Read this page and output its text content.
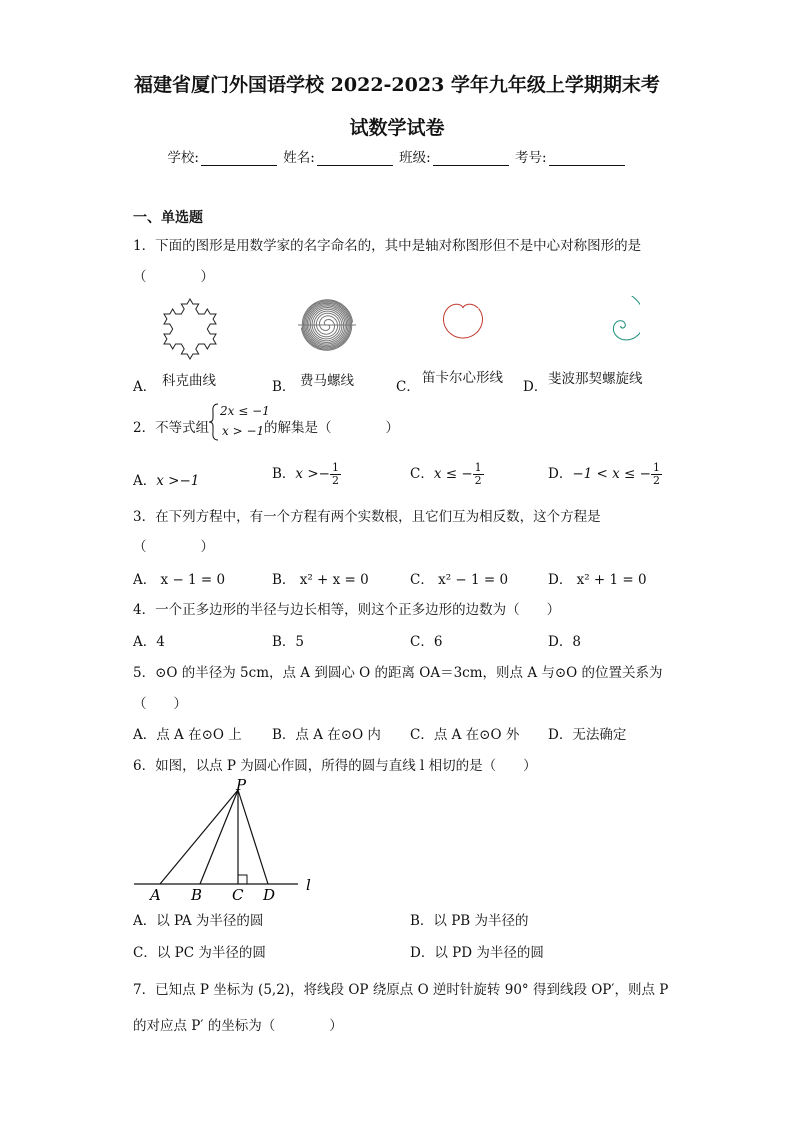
福建省厦门外国语学校 2022-2023 学年九年级上学期期末考
试数学试卷
学校:	姓名:	班级:	考号:
一、单选题
1．下面的图形是用数学家的名字命名的，其中是轴对称图形但不是中心对称图形的是
（　　　　）
A． 科克曲线	B． 费马螺线	C．
笛卡尔心形线
D． 斐波那契螺旋线
2．不等式组
2x ≤ −1
x > −1 的解集是（　　　　）
A．x >−1	B．$x >- \frac{1}{2}$	C．x ≤ − $\frac{1}{2}$	D．−1 < x ≤ − $\frac{1}{2}$
3．在下列方程中，有一个方程有两个实数根，且它们互为相反数，这个方程是
（　　　　）
A． x − 1 = 0	B． x² + x = 0	C． x² − 1 = 0	D． x² + 1 = 0
4．一个正多边形的半径与边长相等，则这个正多边形的边数为（　　）
A．4	B．5	C．6	D．8
5．⊙O 的半径为 5cm，点 A 到圆心 O 的距离 OA＝3cm，则点 A 与⊙O 的位置关系为
（　　）
A．点 A 在⊙O 上 B．点 A 在⊙O 内 C．点 A 在⊙O 外 D．无法确定
6．如图，以点 P 为圆心作圆，所得的圆与直线 l 相切的是（　　）
P
A B C D
l
A．以 PA 为半径的圆	B．以 PB 为半径的
C．以 PC 为半径的圆	D．以 PD 为半径的圆
7．已知点 P 坐标为 (5,2)，将线段 OP 绕原点 O 逆时针旋转 90° 得到线段 OP′，则点 P
的对应点 P′ 的坐标为（　　　　）
